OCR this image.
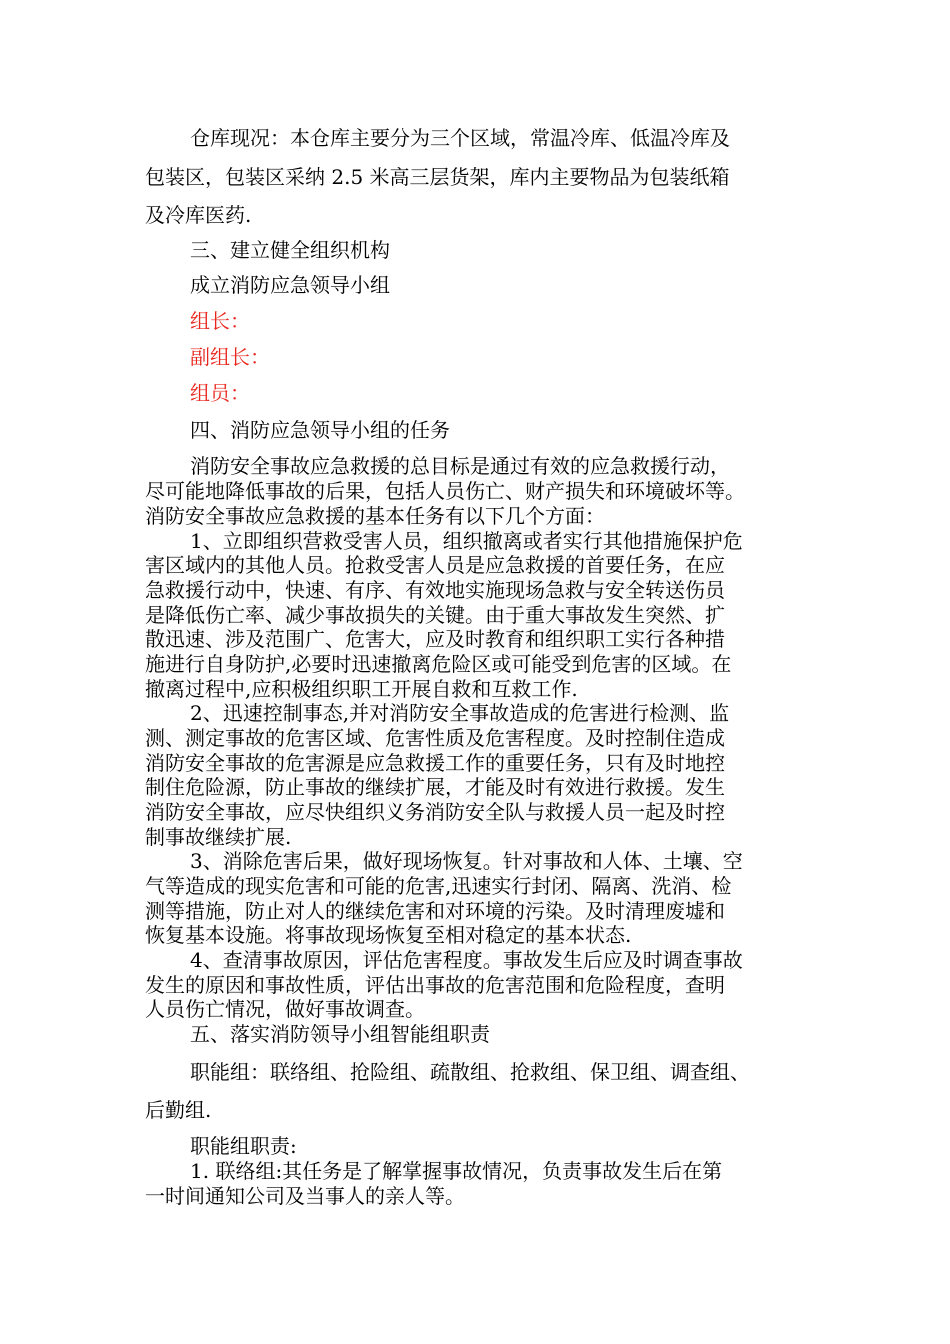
仓库现况：本仓库主要分为三个区域，常温冷库、低温冷库及
包装区，包装区采纳 2.5 米高三层货架，库内主要物品为包装纸箱
及冷库医药.
三、建立健全组织机构
成立消防应急领导小组
组长：
副组长：
组员：
四、消防应急领导小组的任务
消防安全事故应急救援的总目标是通过有效的应急救援行动，
尽可能地降低事故的后果，包括人员伤亡、财产损失和环境破坏等。
消防安全事故应急救援的基本任务有以下几个方面：
1、立即组织营救受害人员，组织撤离或者实行其他措施保护危
害区域内的其他人员。抢救受害人员是应急救援的首要任务，在应
急救援行动中，快速、有序、有效地实施现场急救与安全转送伤员
是降低伤亡率、减少事故损失的关键。由于重大事故发生突然、扩
散迅速、涉及范围广、危害大，应及时教育和组织职工实行各种措
施进行自身防护,必要时迅速撤离危险区或可能受到危害的区域。在
撤离过程中,应积极组织职工开展自救和互救工作.
2、迅速控制事态,并对消防安全事故造成的危害进行检测、监
测、测定事故的危害区域、危害性质及危害程度。及时控制住造成
消防安全事故的危害源是应急救援工作的重要任务，只有及时地控
制住危险源，防止事故的继续扩展，才能及时有效进行救援。发生
消防安全事故，应尽快组织义务消防安全队与救援人员一起及时控
制事故继续扩展.
3、消除危害后果，做好现场恢复。针对事故和人体、土壤、空
气等造成的现实危害和可能的危害,迅速实行封闭、隔离、洗消、检
测等措施，防止对人的继续危害和对环境的污染。及时清理废墟和
恢复基本设施。将事故现场恢复至相对稳定的基本状态.
4、查清事故原因，评估危害程度。事故发生后应及时调查事故
发生的原因和事故性质，评估出事故的危害范围和危险程度，查明
人员伤亡情况，做好事故调查。
五、落实消防领导小组智能组职责
职能组：联络组、抢险组、疏散组、抢救组、保卫组、调查组、
后勤组.
职能组职责:
1. 联络组:其任务是了解掌握事故情况，负责事故发生后在第
一时间通知公司及当事人的亲人等。
